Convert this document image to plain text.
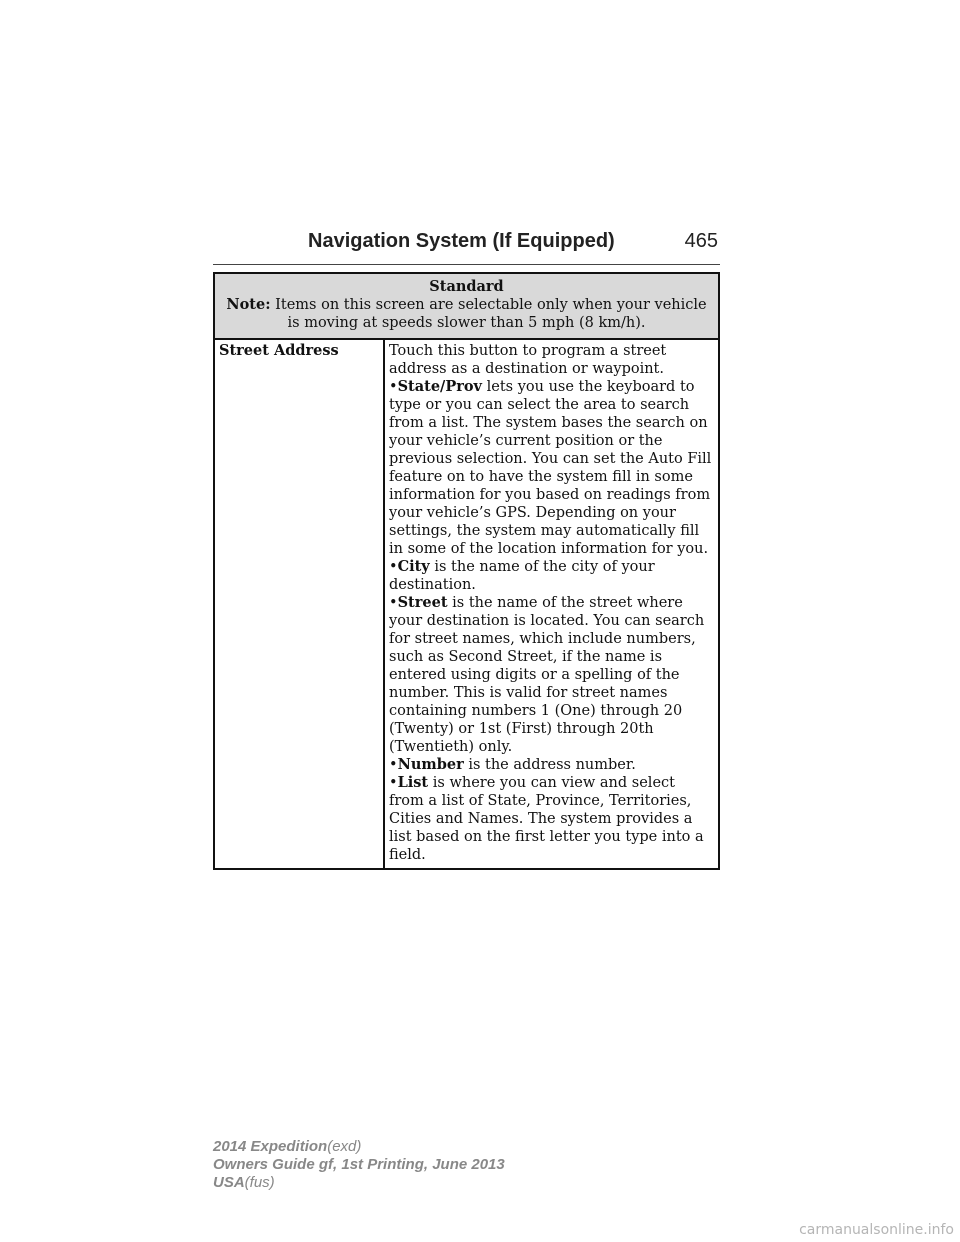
Navigation System (If Equipped)	465
Standard
Note: Items on this screen are selectable only when your vehicle is moving at speeds slower than 5 mph (8 km/h).
Street Address	Touch this button to program a street address as a destination or waypoint.

•State/Prov lets you use the keyboard to type or you can select the area to search from a list. The system bases the search on your vehicle’s current position or the previous selection. You can set the Auto Fill feature on to have the system fill in some information for you based on readings from your vehicle’s GPS. Depending on your settings, the system may automatically fill in some of the location information for you.

•City is the name of the city of your destination.

•Street is the name of the street where your destination is located. You can search for street names, which include numbers, such as Second Street, if the name is entered using digits or a spelling of the number. This is valid for street names containing numbers 1 (One) through 20 (Twenty) or 1st (First) through 20th (Twentieth) only.

•Number is the address number.

•List is where you can view and select from a list of State, Province, Territories, Cities and Names. The system provides a list based on the first letter you type into a field.

2014 Expedition(exd)
Owners Guide gf, 1st Printing, June 2013
USA(fus)
carmanualsonline.info
